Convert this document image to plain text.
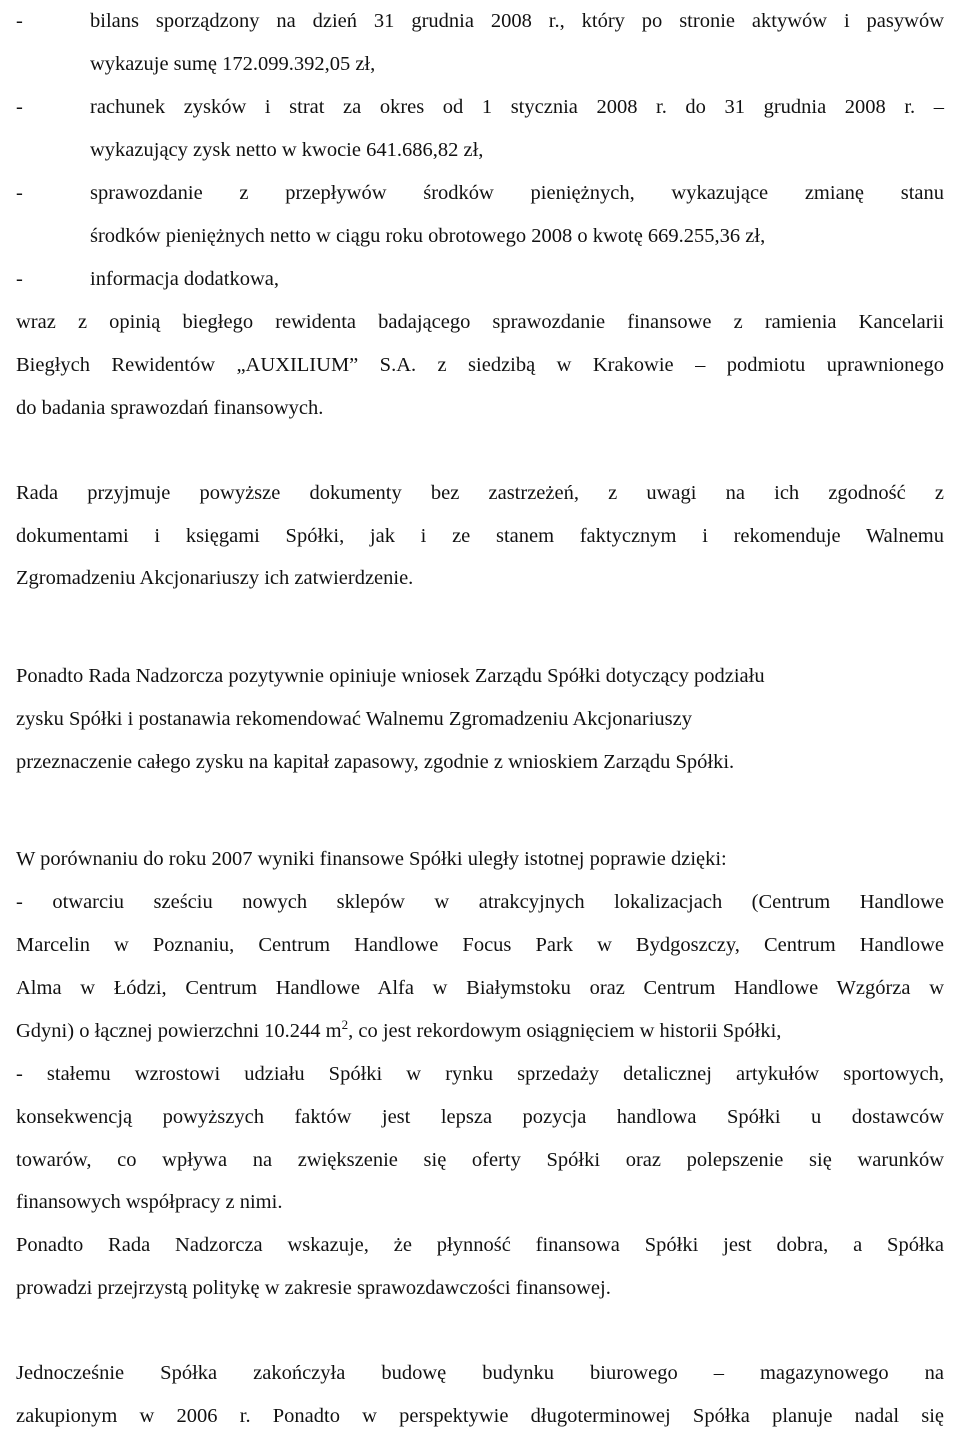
-	bilans sporządzony na dzień 31 grudnia 2008 r., który po stronie aktywów i pasywów
wykazuje sumę 172.099.392,05 zł,
-	rachunek zysków i strat za okres od 1 stycznia 2008 r. do 31 grudnia 2008 r. –
wykazujący zysk netto w kwocie 641.686,82 zł,
-	sprawozdanie z przepływów środków pieniężnych, wykazujące zmianę stanu
środków pieniężnych netto w ciągu roku obrotowego 2008 o kwotę 669.255,36 zł,
-	informacja dodatkowa,
wraz z opinią biegłego rewidenta badającego sprawozdanie finansowe z ramienia Kancelarii
Biegłych Rewidentów „AUXILIUM” S.A. z siedzibą w Krakowie – podmiotu uprawnionego
do badania sprawozdań finansowych.
Rada przyjmuje powyższe dokumenty bez zastrzeżeń, z uwagi na ich zgodność z
dokumentami i księgami Spółki, jak i ze stanem faktycznym i rekomenduje Walnemu
Zgromadzeniu Akcjonariuszy ich zatwierdzenie.
Ponadto Rada Nadzorcza pozytywnie opiniuje wniosek Zarządu Spółki dotyczący podziału
zysku Spółki i postanawia rekomendować Walnemu Zgromadzeniu Akcjonariuszy
przeznaczenie całego zysku na kapitał zapasowy, zgodnie z wnioskiem Zarządu Spółki.
W porównaniu do roku 2007 wyniki finansowe Spółki uległy istotnej poprawie dzięki:
- otwarciu sześciu nowych sklepów w atrakcyjnych lokalizacjach (Centrum Handlowe
Marcelin w Poznaniu, Centrum Handlowe Focus Park w Bydgoszczy, Centrum Handlowe
Alma w Łódzi, Centrum Handlowe Alfa w Białymstoku oraz Centrum Handlowe Wzgórza w
Gdyni) o łącznej powierzchni 10.244 $m^2$, co jest rekordowym osiągnięciem w historii Spółki,
- stałemu wzrostowi udziału Spółki w rynku sprzedaży detalicznej artykułów sportowych,
konsekwencją powyższych faktów jest lepsza pozycja handlowa Spółki u dostawców
towarów, co wpływa na zwiększenie się oferty Spółki oraz polepszenie się warunków
finansowych współpracy z nimi.
Ponadto Rada Nadzorcza wskazuje, że płynność finansowa Spółki jest dobra, a Spółka
prowadzi przejrzystą politykę w zakresie sprawozdawczości finansowej.
Jednocześnie Spółka zakończyła budowę budynku biurowego – magazynowego na
zakupionym w 2006 r. Ponadto w perspektywie długoterminowej Spółka planuje nadal się
